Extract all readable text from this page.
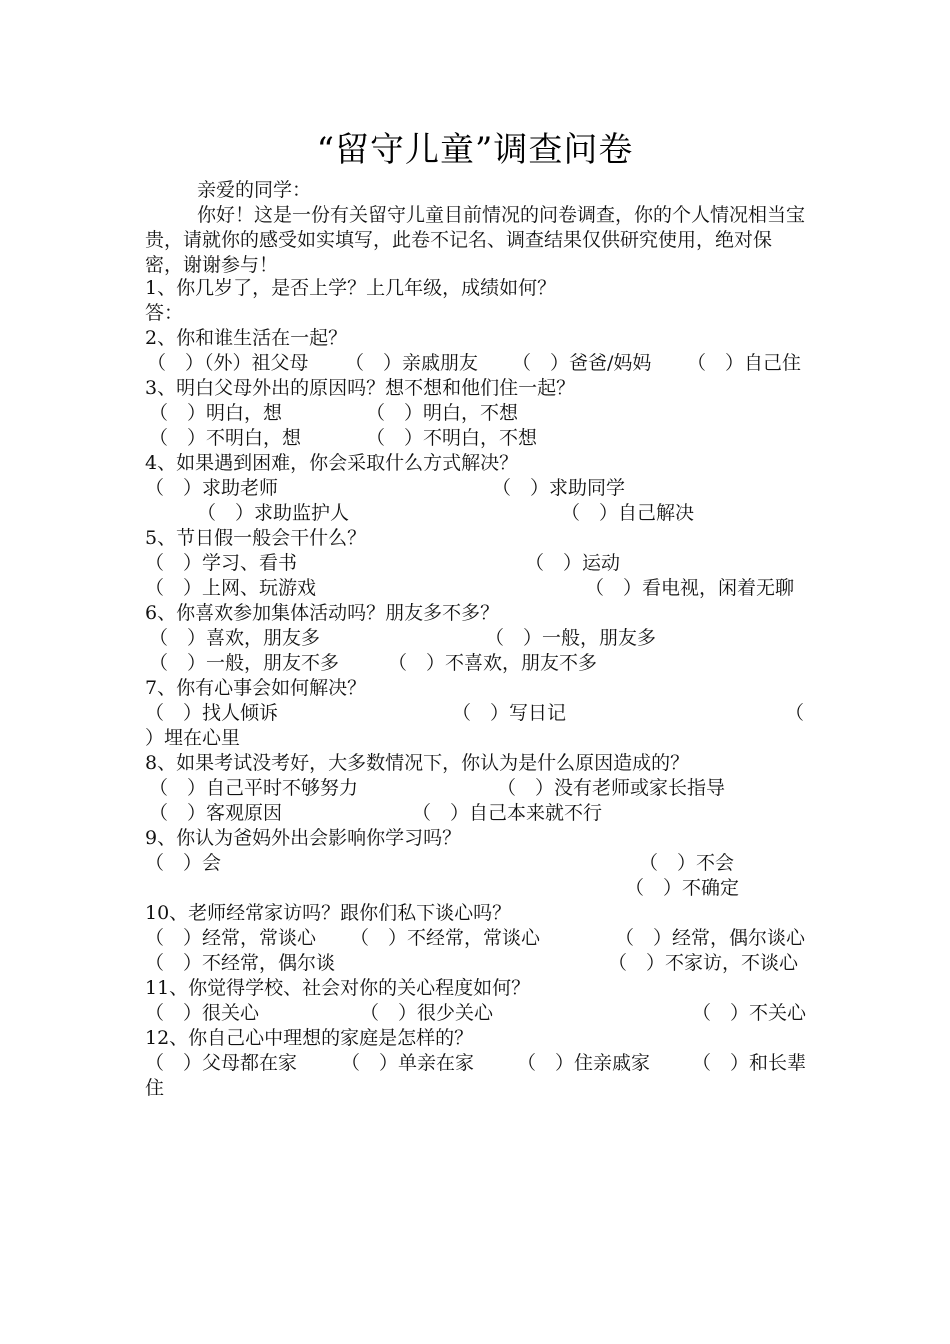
“留守儿童”调查问卷
亲爱的同学：
你好！这是一份有关留守儿童目前情况的问卷调查，你的个人情况相当宝贵，请就你的感受如实填写，此卷不记名、调查结果仅供研究使用，绝对保密，谢谢参与！
1、你几岁了，是否上学？上几年级，成绩如何？
答：
2、你和谁生活在一起？
（　）（外）祖父母 （　）亲戚朋友 （　）爸爸/妈妈 （　）自己住
3、明白父母外出的原因吗？想不想和他们住一起？
（　）明白，想	（　）明白，不想
（　）不明白，想	（　）不明白，不想
4、如果遇到困难，你会采取什么方式解决？
（　）求助老师	（　）求助同学
（　）求助监护人	（　）自己解决
5、节日假一般会干什么？
（　）学习、看书	（　）运动
（　）上网、玩游戏	（　）看电视，闲着无聊
6、你喜欢参加集体活动吗？朋友多不多？
（　）喜欢，朋友多	（　）一般，朋友多
（　）一般，朋友不多	（　）不喜欢，朋友不多
7、你有心事会如何解决？
（　）找人倾诉	（　）写日记	（
）埋在心里
8、如果考试没考好，大多数情况下，你认为是什么原因造成的？
（　）自己平时不够努力	（　）没有老师或家长指导
（　）客观原因	（　）自己本来就不行
9、你认为爸妈外出会影响你学习吗？
（　）会	（　）不会
（　）不确定
10、老师经常家访吗？跟你们私下谈心吗？
（　）经常，常谈心 （　）不经常，常谈心	（　）经常，偶尔谈心
（　）不经常，偶尔谈	（　）不家访，不谈心
11、你觉得学校、社会对你的关心程度如何？
（　）很关心	（　）很少关心	（　）不关心
12、你自己心中理想的家庭是怎样的？
（　）父母都在家 （　）单亲在家 （　）住亲戚家 （　）和长辈
住
